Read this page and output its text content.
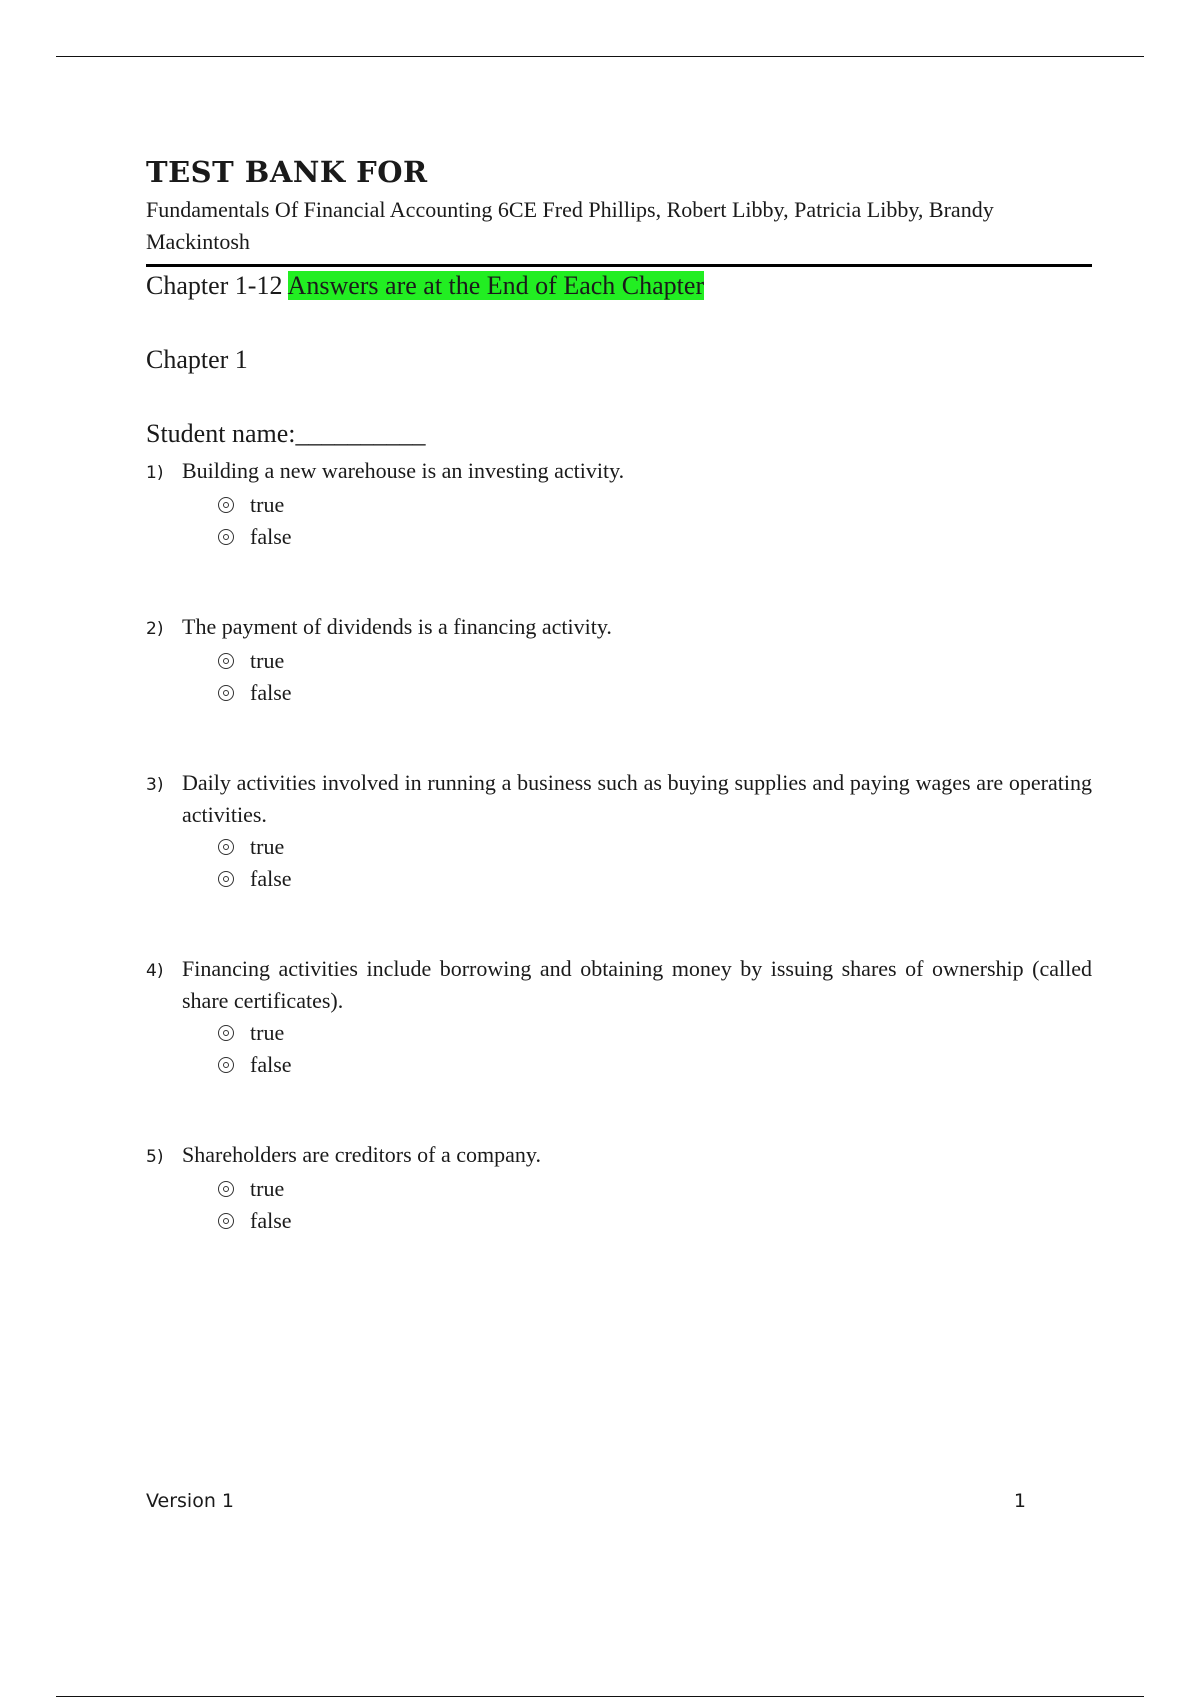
TEST BANK FOR

Fundamentals Of Financial Accounting 6CE Fred Phillips, Robert Libby, Patricia Libby, Brandy Mackintosh

Chapter 1-12 Answers are at the End of Each Chapter
Chapter 1
Student name:__________
1) Building a new warehouse is an investing activity.
true
false
2) The payment of dividends is a financing activity.
true
false
3) Daily activities involved in running a business such as buying supplies and paying wages are operating activities.
true
false
4) Financing activities include borrowing and obtaining money by issuing shares of ownership (called share certificates).
true
false
5) Shareholders are creditors of a company.
true
false
Version 1	1
